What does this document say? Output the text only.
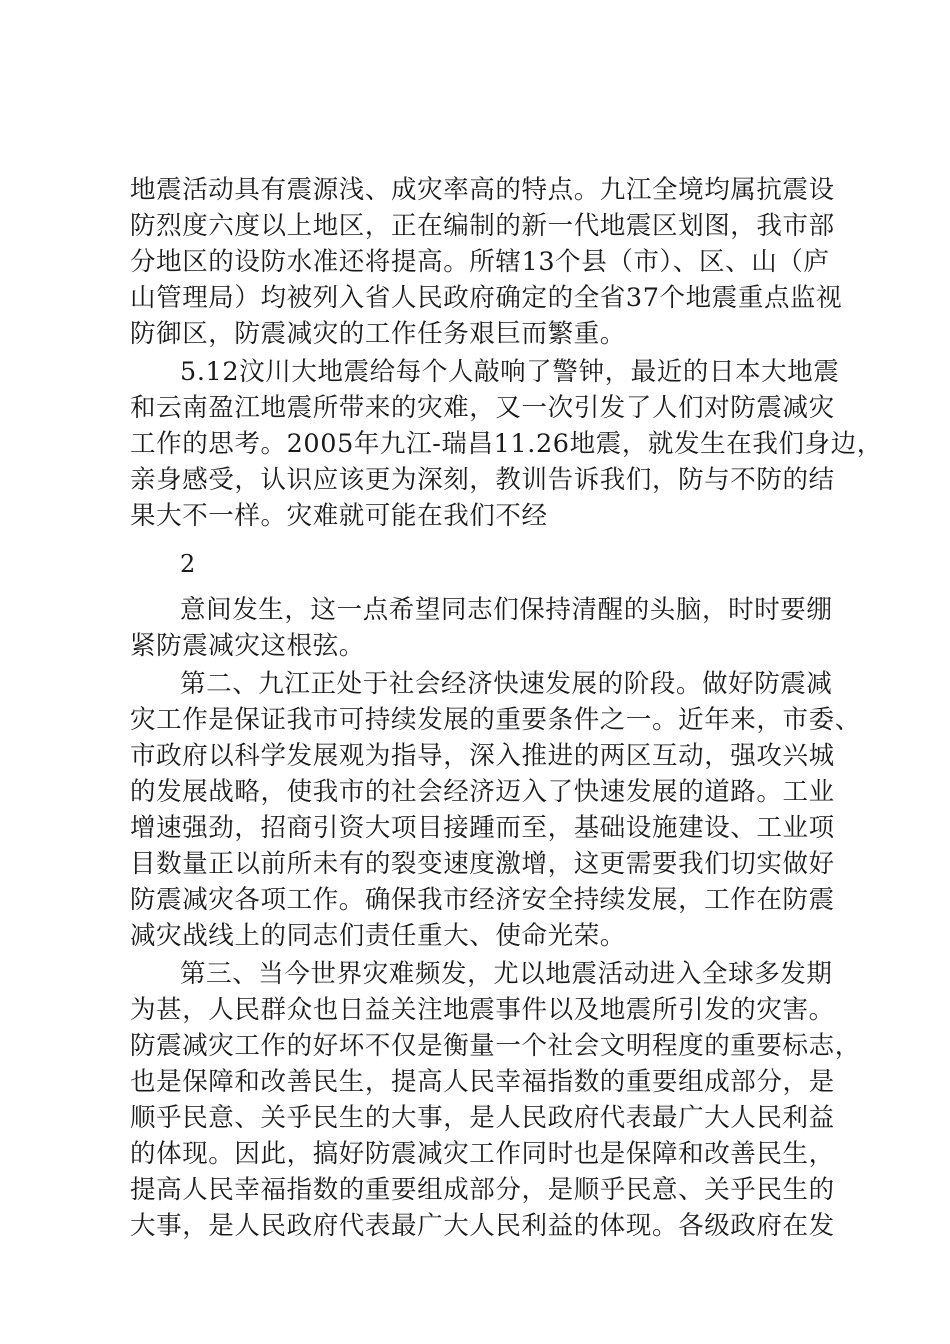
地震活动具有震源浅、成灾率高的特点。九江全境均属抗震设
防烈度六度以上地区，正在编制的新一代地震区划图，我市部
分地区的设防水准还将提高。所辖13个县（市）、区、山（庐
山管理局）均被列入省人民政府确定的全省37个地震重点监视
防御区，防震减灾的工作任务艰巨而繁重。
5.12汶川大地震给每个人敲响了警钟，最近的日本大地震
和云南盈江地震所带来的灾难，又一次引发了人们对防震减灾
工作的思考。2005年九江-瑞昌11.26地震，就发生在我们身边，
亲身感受，认识应该更为深刻，教训告诉我们，防与不防的结
果大不一样。灾难就可能在我们不经
2
意间发生，这一点希望同志们保持清醒的头脑，时时要绷
紧防震减灾这根弦。
第二、九江正处于社会经济快速发展的阶段。做好防震减
灾工作是保证我市可持续发展的重要条件之一。近年来，市委、
市政府以科学发展观为指导，深入推进的两区互动，强攻兴城
的发展战略，使我市的社会经济迈入了快速发展的道路。工业
增速强劲，招商引资大项目接踵而至，基础设施建设、工业项
目数量正以前所未有的裂变速度激增，这更需要我们切实做好
防震减灾各项工作。确保我市经济安全持续发展，工作在防震
减灾战线上的同志们责任重大、使命光荣。
第三、当今世界灾难频发，尤以地震活动进入全球多发期
为甚，人民群众也日益关注地震事件以及地震所引发的灾害。
防震减灾工作的好坏不仅是衡量一个社会文明程度的重要标志，
也是保障和改善民生，提高人民幸福指数的重要组成部分，是
顺乎民意、关乎民生的大事，是人民政府代表最广大人民利益
的体现。因此，搞好防震减灾工作同时也是保障和改善民生，
提高人民幸福指数的重要组成部分，是顺乎民意、关乎民生的
大事，是人民政府代表最广大人民利益的体现。各级政府在发
